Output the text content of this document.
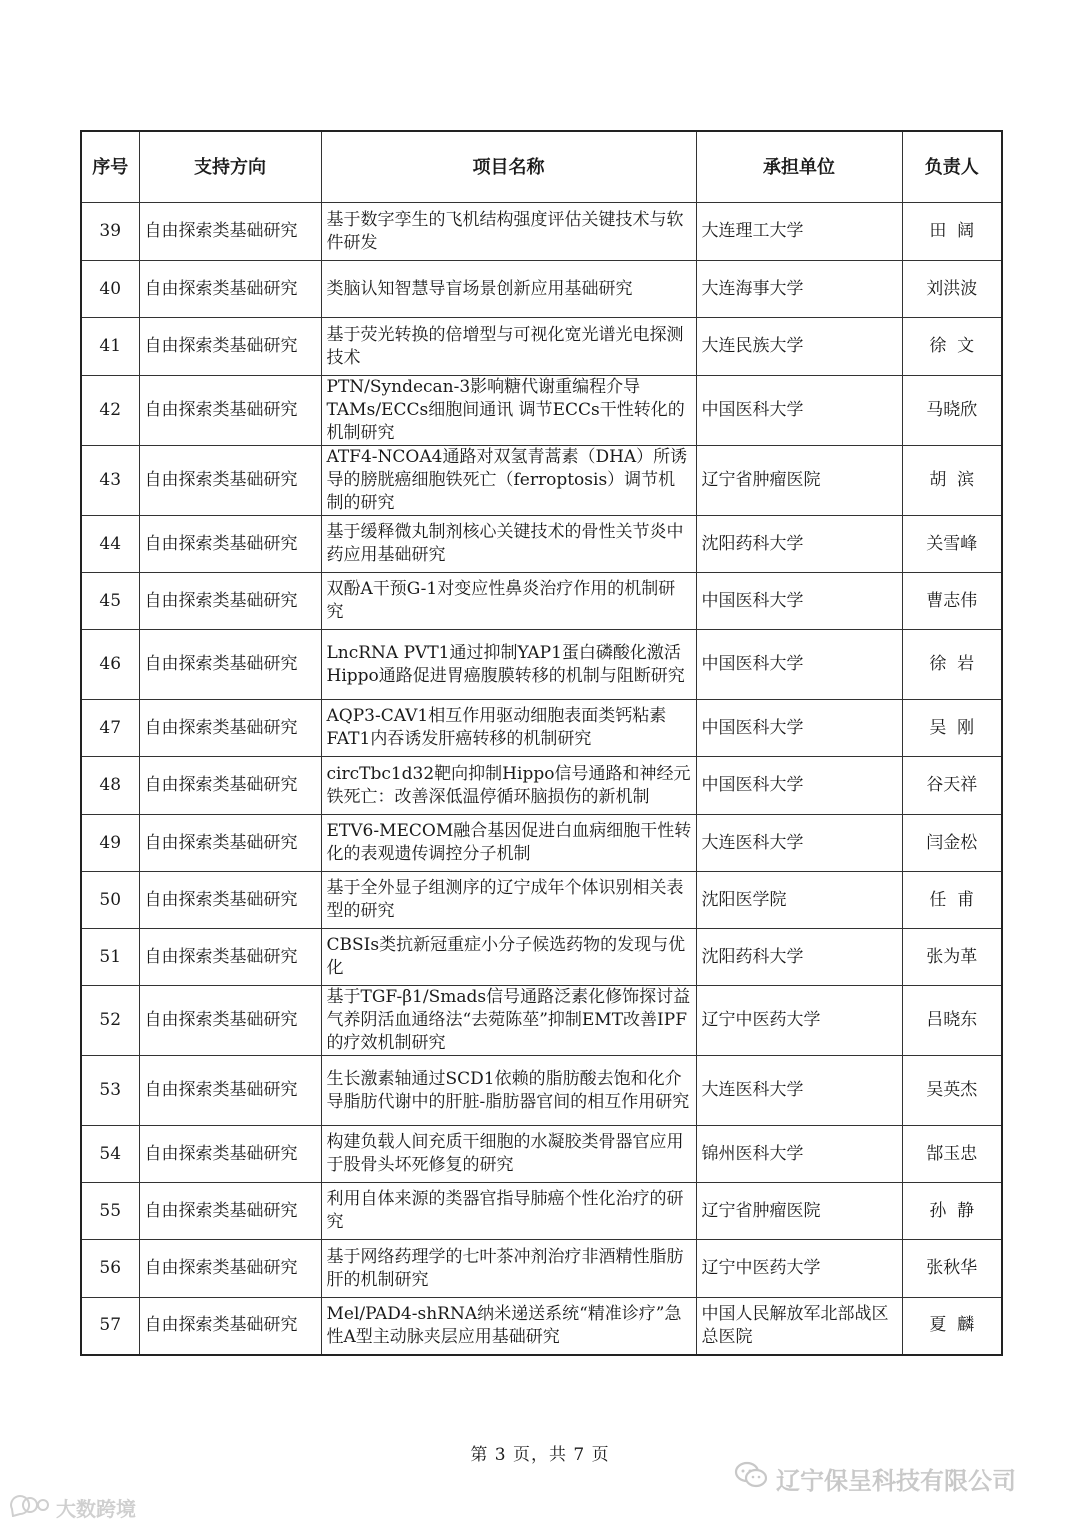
序号	支持方向	项目名称	承担单位	负责人
39	自由探索类基础研究	基于数字孪生的飞机结构强度评估关键技术与软件研发	大连理工大学	田  阔
40	自由探索类基础研究	类脑认知智慧导盲场景创新应用基础研究	大连海事大学	刘洪波
41	自由探索类基础研究	基于荧光转换的倍增型与可视化宽光谱光电探测技术	大连民族大学	徐  文
42	自由探索类基础研究	PTN/Syndecan-3影响糖代谢重编程介导TAMs/ECCs细胞间通讯 调节ECCs干性转化的机制研究	中国医科大学	马晓欣
43	自由探索类基础研究	ATF4-NCOA4通路对双氢青蒿素（DHA）所诱导的膀胱癌细胞铁死亡（ferroptosis）调节机制的研究	辽宁省肿瘤医院	胡  滨
44	自由探索类基础研究	基于缓释微丸制剂核心关键技术的骨性关节炎中药应用基础研究	沈阳药科大学	关雪峰
45	自由探索类基础研究	双酚A干预G-1对变应性鼻炎治疗作用的机制研究	中国医科大学	曹志伟
46	自由探索类基础研究	LncRNA PVT1通过抑制YAP1蛋白磷酸化激活Hippo通路促进胃癌腹膜转移的机制与阻断研究	中国医科大学	徐  岩
47	自由探索类基础研究	AQP3-CAV1相互作用驱动细胞表面类钙粘素FAT1内吞诱发肝癌转移的机制研究	中国医科大学	吴  刚
48	自由探索类基础研究	circTbc1d32靶向抑制Hippo信号通路和神经元铁死亡：改善深低温停循环脑损伤的新机制	中国医科大学	谷天祥
49	自由探索类基础研究	ETV6-MECOM融合基因促进白血病细胞干性转化的表观遗传调控分子机制	大连医科大学	闫金松
50	自由探索类基础研究	基于全外显子组测序的辽宁成年个体识别相关表型的研究	沈阳医学院	任  甫
51	自由探索类基础研究	CBSIs类抗新冠重症小分子候选药物的发现与优化	沈阳药科大学	张为革
52	自由探索类基础研究	基于TGF-β1/Smads信号通路泛素化修饰探讨益气养阴活血通络法“去菀陈莝”抑制EMT改善IPF的疗效机制研究	辽宁中医药大学	吕晓东
53	自由探索类基础研究	生长激素轴通过SCD1依赖的脂肪酸去饱和化介导脂肪代谢中的肝脏-脂肪器官间的相互作用研究	大连医科大学	吴英杰
54	自由探索类基础研究	构建负载人间充质干细胞的水凝胶类骨器官应用于股骨头坏死修复的研究	锦州医科大学	郜玉忠
55	自由探索类基础研究	利用自体来源的类器官指导肺癌个性化治疗的研究	辽宁省肿瘤医院	孙  静
56	自由探索类基础研究	基于网络药理学的七叶茶冲剂治疗非酒精性脂肪肝的机制研究	辽宁中医药大学	张秋华
57	自由探索类基础研究	Mel/PAD4-shRNA纳米递送系统“精准诊疗”急性A型主动脉夹层应用基础研究	中国人民解放军北部战区总医院	夏  麟
第 3 页，共 7 页
辽宁保呈科技有限公司
大数跨境
